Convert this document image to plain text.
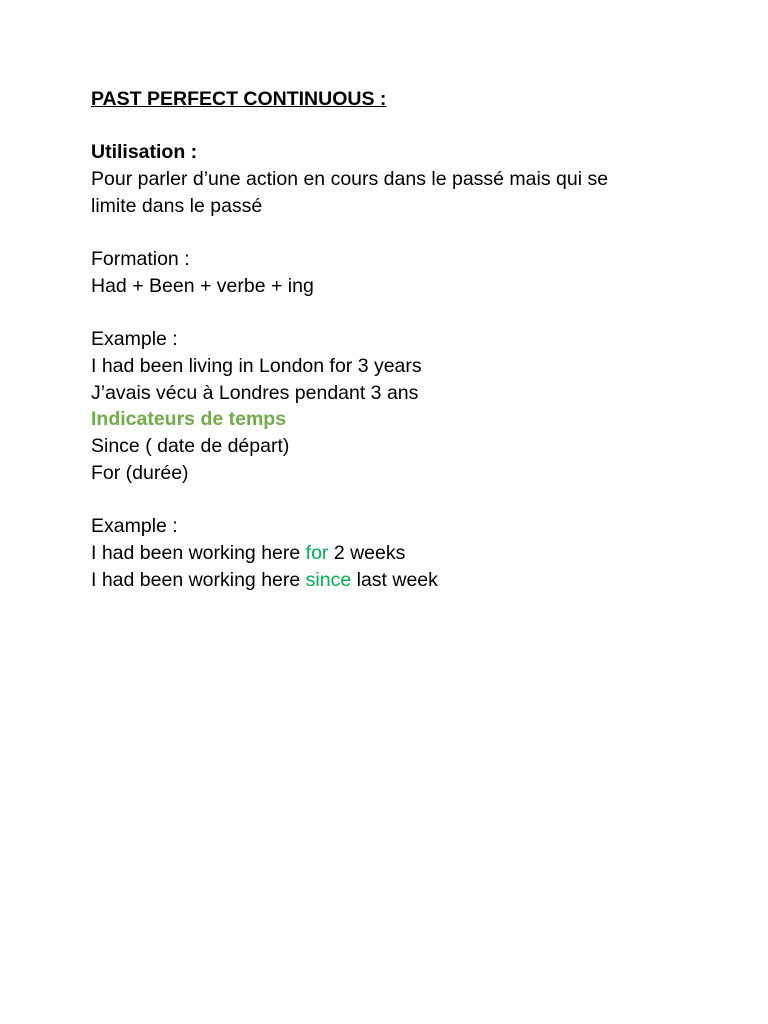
PAST PERFECT CONTINUOUS :
Utilisation :
Pour parler d’une action en cours dans le passé mais qui se
limite dans le passé
Formation :
Had + Been + verbe + ing
Example :
I had been living in London for 3 years
J’avais vécu à Londres pendant 3 ans
Indicateurs de temps
Since ( date de départ)
For (durée)
Example :
I had been working here for 2 weeks
I had been working here since last week
